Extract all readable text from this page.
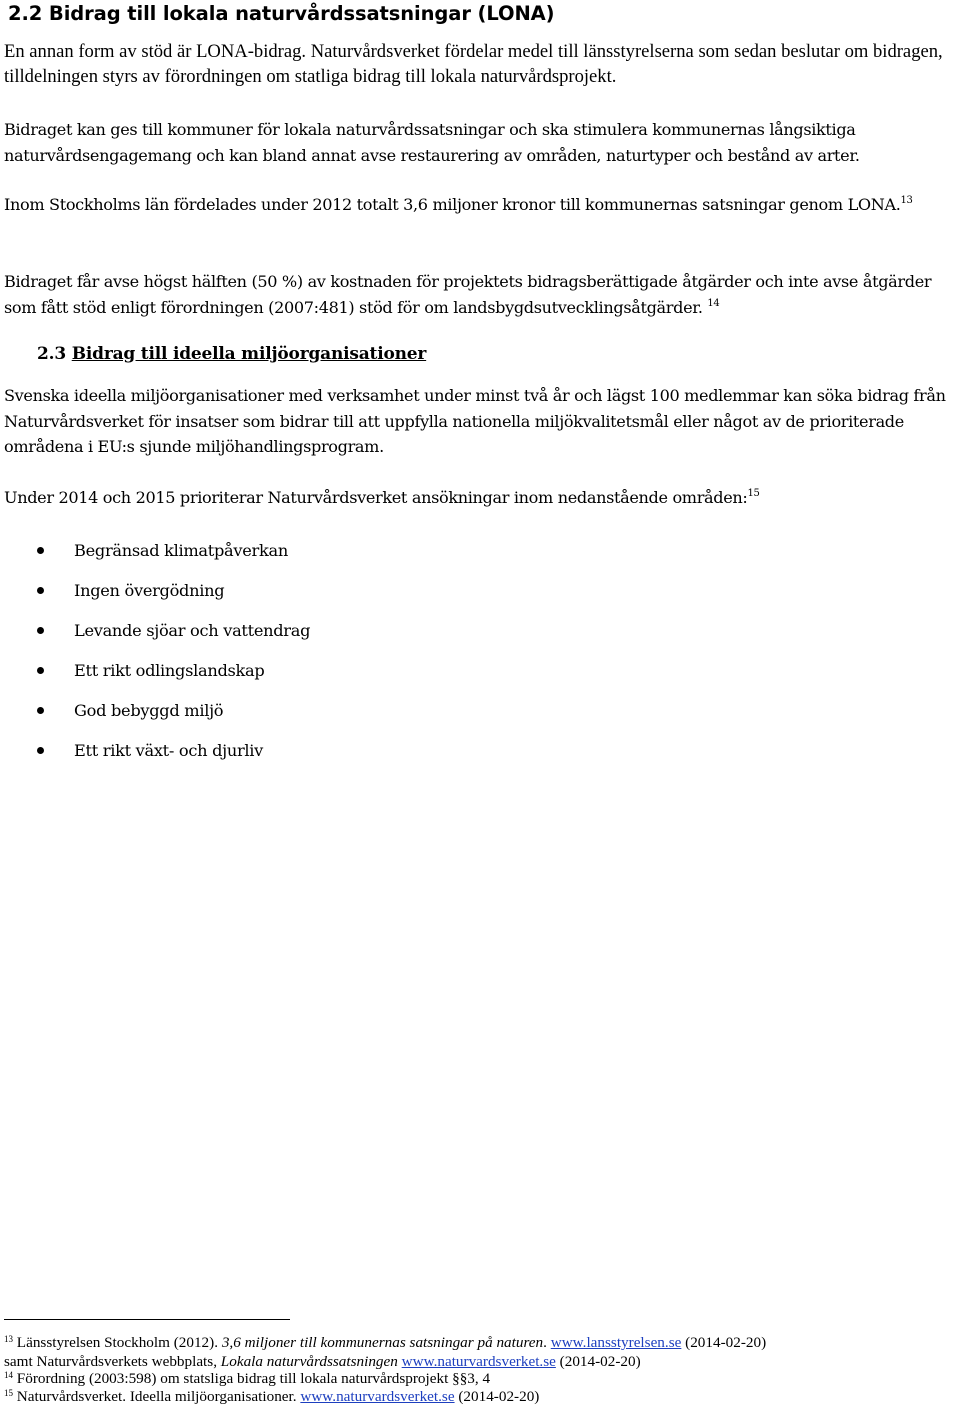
2.2 Bidrag till lokala naturvårdssatsningar (LONA)

En annan form av stöd är LONA-bidrag. Naturvårdsverket fördelar medel till länsstyrelserna som sedan beslutar om bidragen, tilldelningen styrs av förordningen om statliga bidrag till lokala naturvårdsprojekt.

Bidraget kan ges till kommuner för lokala naturvårdssatsningar och ska stimulera kommunernas långsiktiga naturvårdsengagemang och kan bland annat avse restaurering av områden, naturtyper och bestånd av arter.

Inom Stockholms län fördelades under 2012 totalt 3,6 miljoner kronor till kommunernas satsningar genom LONA.$^{13}$

Bidraget får avse högst hälften (50 %) av kostnaden för projektets bidragsberättigade åtgärder och inte avse åtgärder som fått stöd enligt förordningen (2007:481) stöd för om landsbygdsutvecklingsåtgärder. $^{14}$

2.3 Bidrag till ideella miljöorganisationer

Svenska ideella miljöorganisationer med verksamhet under minst två år och lägst 100 medlemmar kan söka bidrag från Naturvårdsverket för insatser som bidrar till att uppfylla nationella miljökvalitetsmål eller något av de prioriterade områdena i EU:s sjunde miljöhandlingsprogram.

Under 2014 och 2015 prioriterar Naturvårdsverket ansökningar inom nedanstående områden:$^{15}$

Begränsad klimatpåverkan
Ingen övergödning
Levande sjöar och vattendrag
Ett rikt odlingslandskap
God bebyggd miljö
Ett rikt växt- och djurliv

$^{13}$ Länsstyrelsen Stockholm (2012). 3,6 miljoner till kommunernas satsningar på naturen. www.lansstyrelsen.se (2014-02-20)

samt Naturvårdsverkets webbplats, Lokala naturvårdssatsningen www.naturvardsverket.se (2014-02-20)

$^{14}$ Förordning (2003:598) om statsliga bidrag till lokala naturvårdsprojekt §§3, 4

$^{15}$ Naturvårdsverket. Ideella miljöorganisationer. www.naturvardsverket.se (2014-02-20)
